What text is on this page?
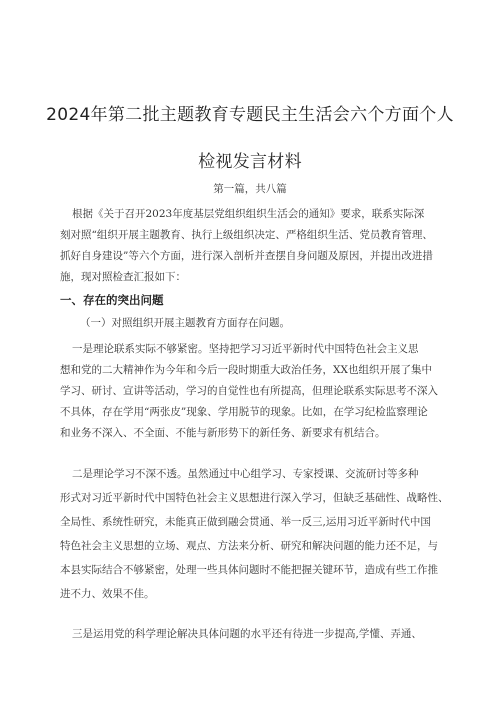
2024年第二批主题教育专题民主生活会六个方面个人
检视发言材料
第一篇，共八篇
根据《关于召开2023年度基层党组织组织生活会的通知》要求，联系实际深
刻对照“组织开展主题教育、执行上级组织决定、严格组织生活、党员教育管理、
抓好自身建设”等六个方面，进行深入剖析并查摆自身问题及原因，并提出改进措
施，现对照检查汇报如下：
一、存在的突出问题
（一）对照组织开展主题教育方面存在问题。
一是理论联系实际不够紧密。坚持把学习习近平新时代中国特色社会主义思
想和党的二大精神作为今年和今后一段时期重大政治任务，XX也组织开展了集中
学习、研讨、宣讲等活动，学习的自觉性也有所提高，但理论联系实际思考不深入
不具体，存在学用“两张皮”现象、学用脱节的现象。比如，在学习纪检监察理论
和业务不深入、不全面、不能与新形势下的新任务、新要求有机结合。
二是理论学习不深不透。虽然通过中心组学习、专家授课、交流研讨等多种
形式对习近平新时代中国特色社会主义思想进行深入学习，但缺乏基础性、战略性、
全局性、系统性研究，未能真正做到融会贯通、举一反三,运用习近平新时代中国
特色社会主义思想的立场、观点、方法来分析、研究和解决问题的能力还不足，与
本县实际结合不够紧密，处理一些具体问题时不能把握关键环节，造成有些工作推
进不力、效果不佳。
三是运用党的科学理论解决具体问题的水平还有待进一步提高,学懂、弄通、
